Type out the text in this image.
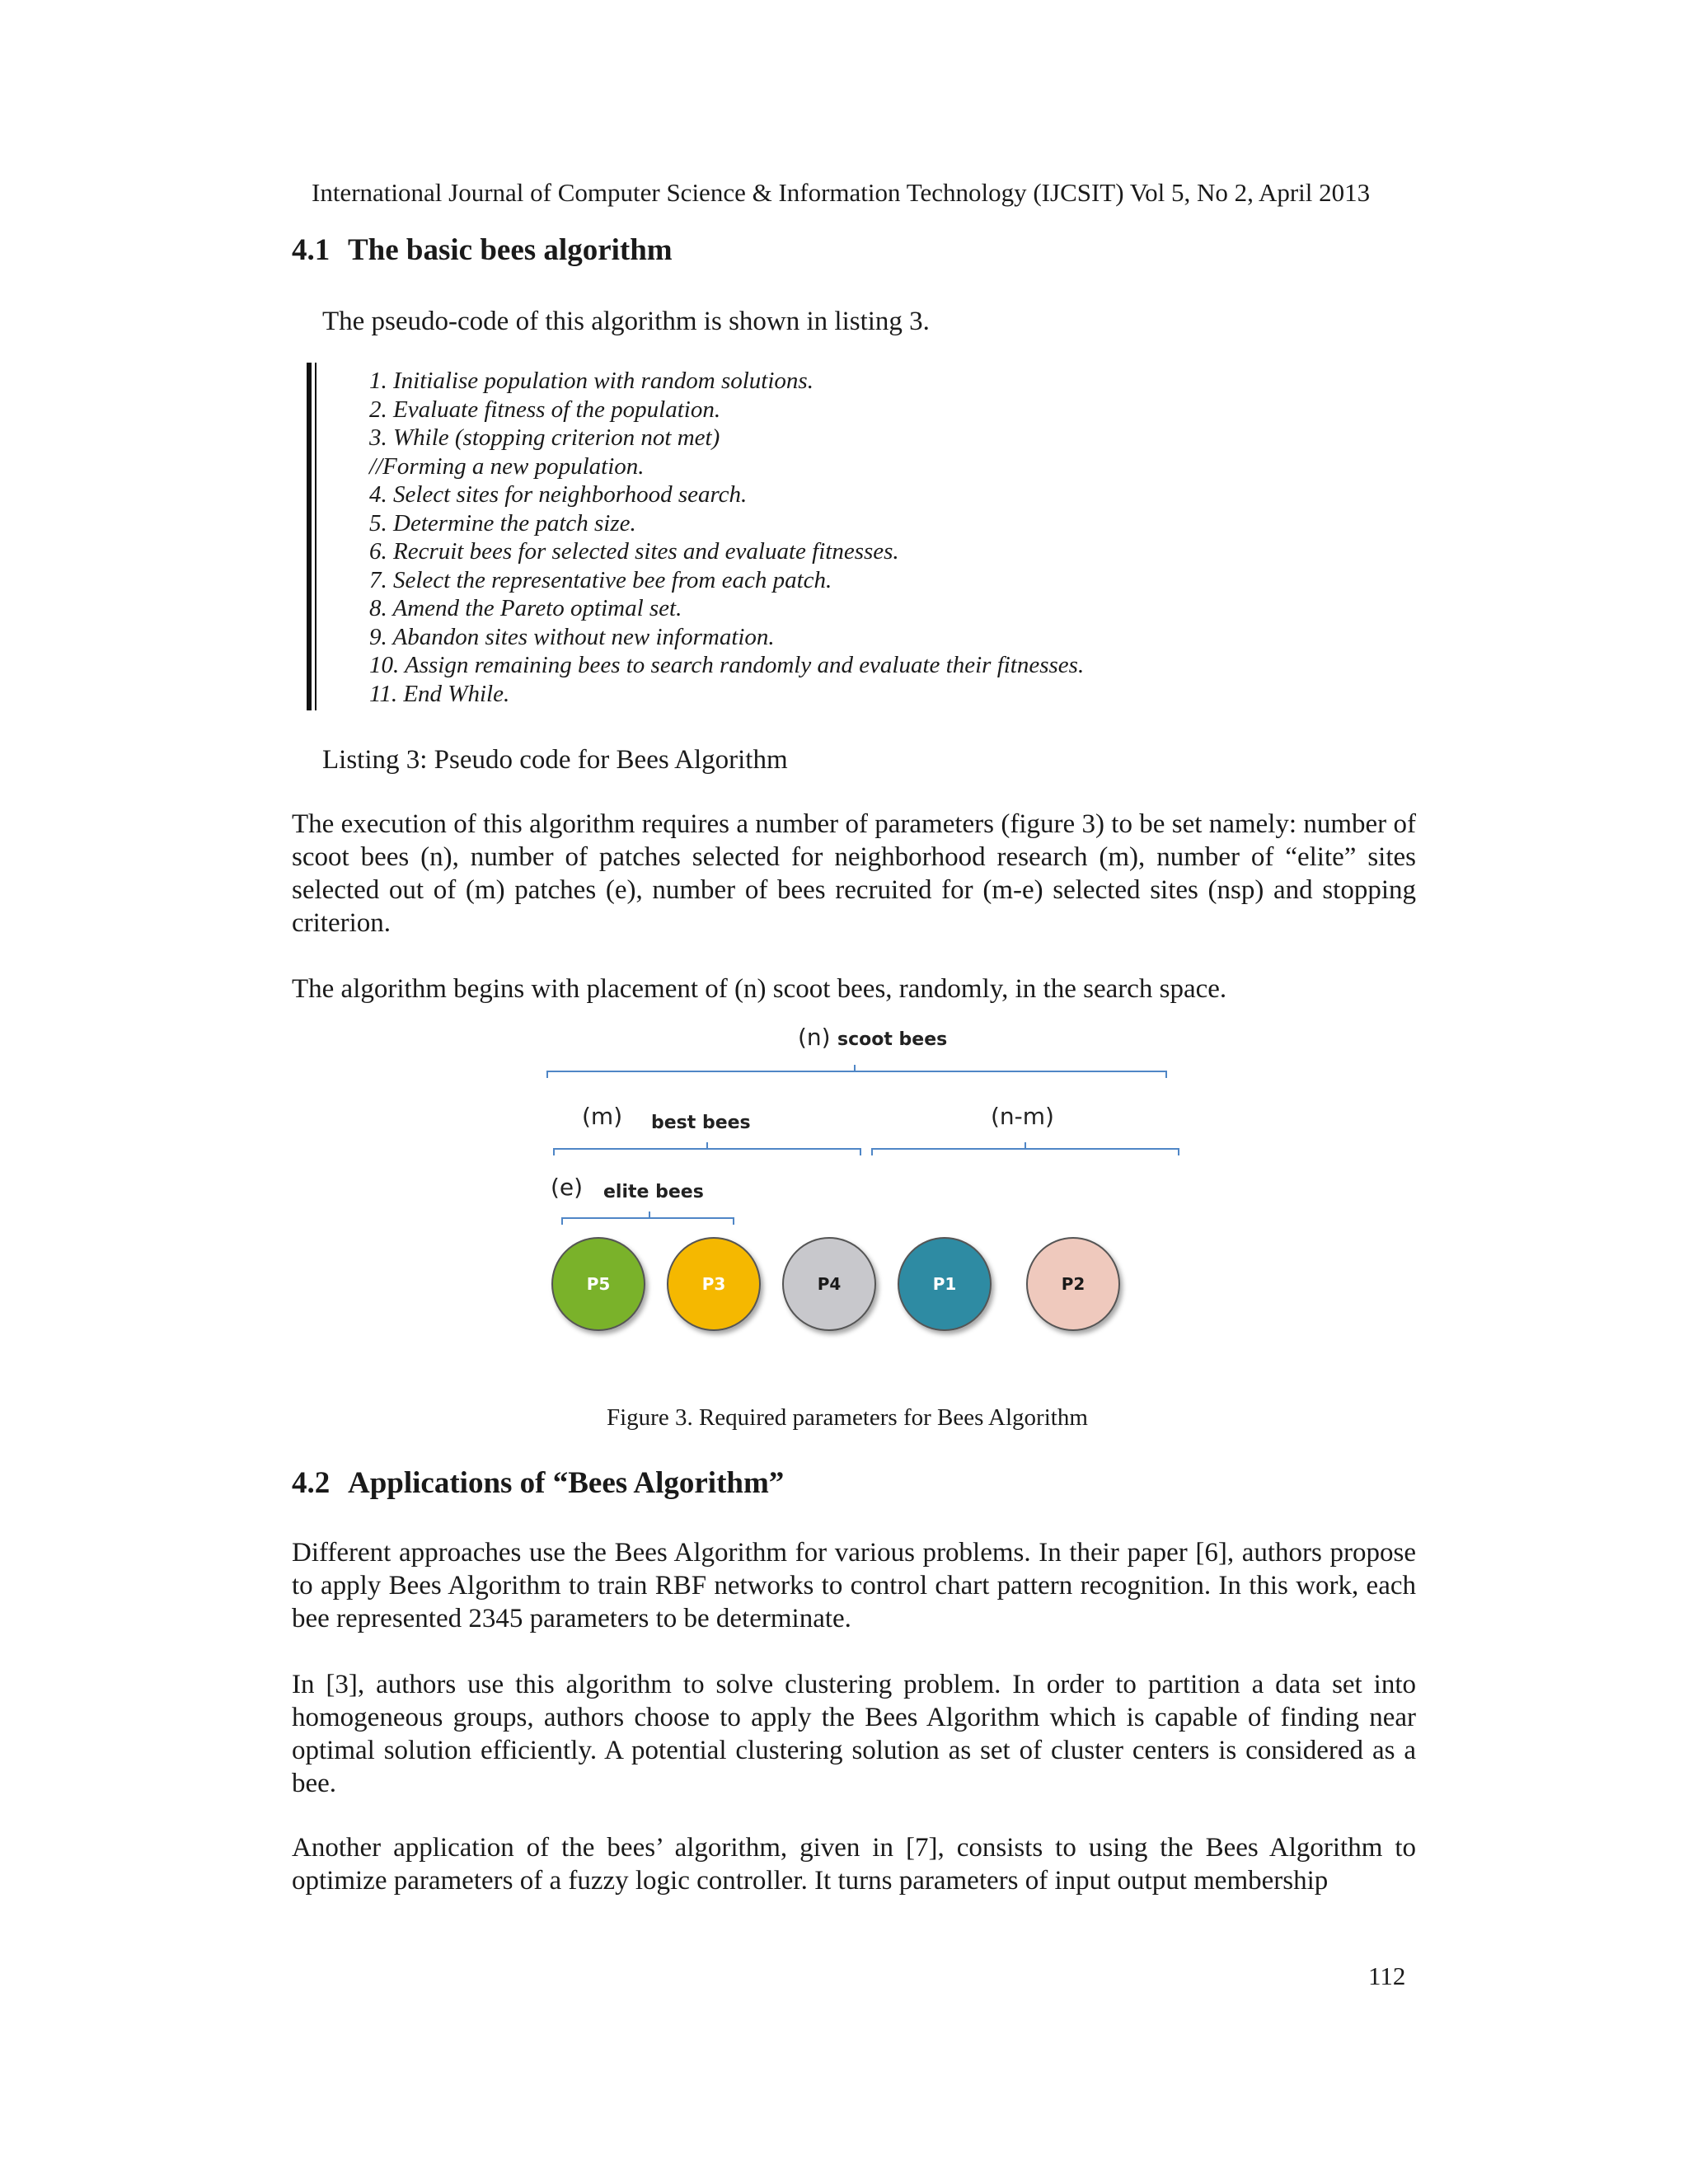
International Journal of Computer Science & Information Technology (IJCSIT) Vol 5, No 2, April 2013
4.1 The basic bees algorithm
The pseudo-code of this algorithm is shown in listing 3.
1. Initialise population with random solutions.
2. Evaluate fitness of the population.
3. While (stopping criterion not met)
//Forming a new population.
4. Select sites for neighborhood search.
5. Determine the patch size.
6. Recruit bees for selected sites and evaluate fitnesses.
7. Select the representative bee from each patch.
8. Amend the Pareto optimal set.
9. Abandon sites without new information.
10. Assign remaining bees to search randomly and evaluate their fitnesses.
11. End While.
Listing 3: Pseudo code for Bees Algorithm
The execution of this algorithm requires a number of parameters (figure 3) to be set namely: number of scoot bees (n), number of patches selected for neighborhood research (m), number of “elite” sites selected out of (m) patches (e), number of bees recruited for (m-e) selected sites (nsp) and stopping criterion.
The algorithm begins with placement of (n) scoot bees, randomly, in the search space.
(n) scoot bees
(m) best bees	(n-m)
(e) elite bees
P5	P3	P4	P1	P2
Figure 3. Required parameters for Bees Algorithm
4.2 Applications of “Bees Algorithm”
Different approaches use the Bees Algorithm for various problems. In their paper [6], authors propose to apply Bees Algorithm to train RBF networks to control chart pattern recognition. In this work, each bee represented 2345 parameters to be determinate.
In [3], authors use this algorithm to solve clustering problem. In order to partition a data set into homogeneous groups, authors choose to apply the Bees Algorithm which is capable of finding near optimal solution efficiently. A potential clustering solution as set of cluster centers is considered as a bee.
Another application of the bees’ algorithm, given in [7], consists to using the Bees Algorithm to optimize parameters of a fuzzy logic controller. It turns parameters of input output membership
112
